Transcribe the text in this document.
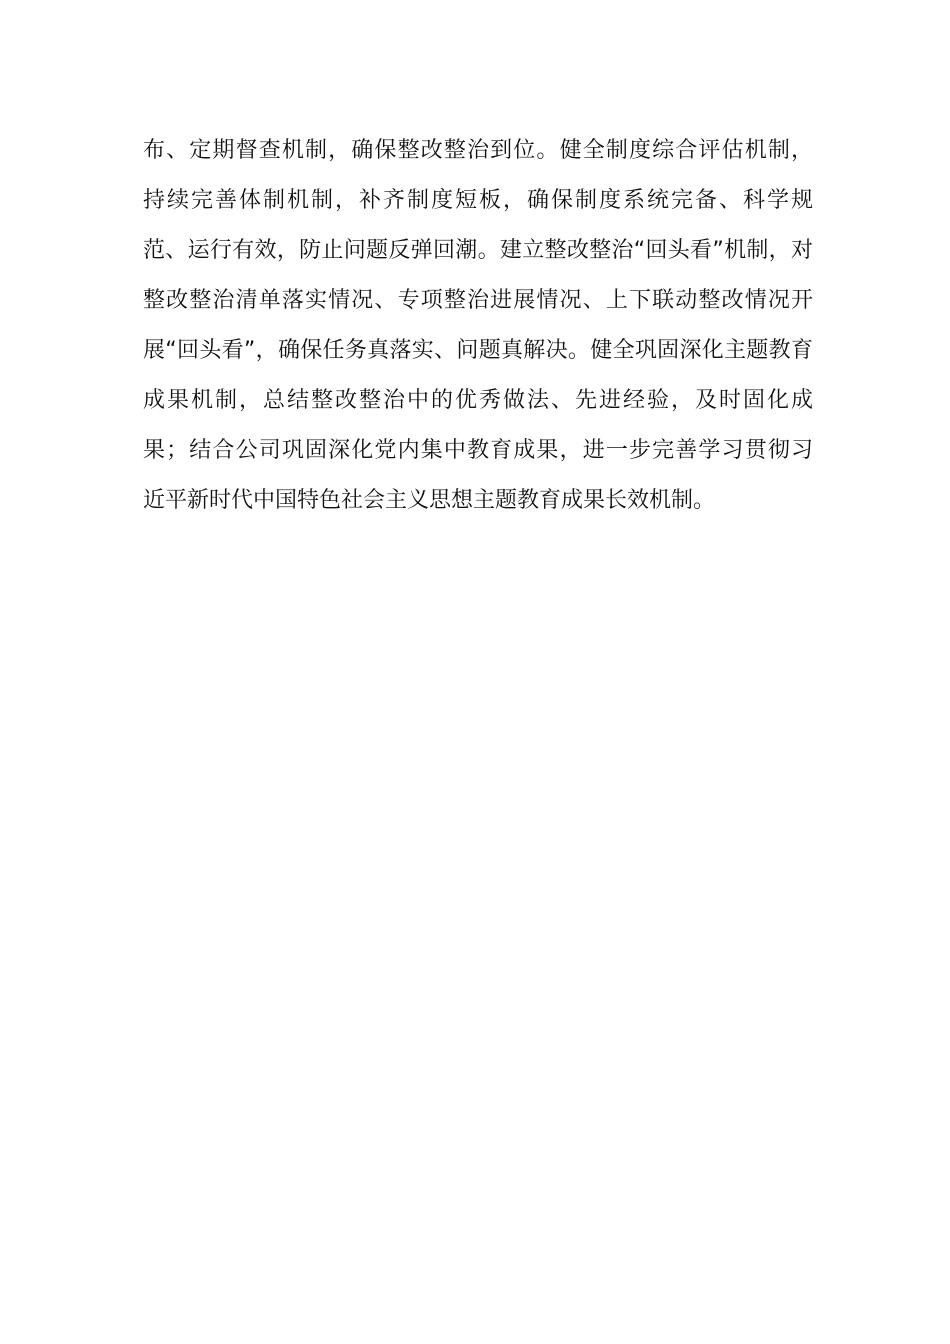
布、定期督查机制，确保整改整治到位。健全制度综合评估机制，
持续完善体制机制，补齐制度短板，确保制度系统完备、科学规
范、运行有效，防止问题反弹回潮。建立整改整治“回头看”机制，对
整改整治清单落实情况、专项整治进展情况、上下联动整改情况开
展“回头看”，确保任务真落实、问题真解决。健全巩固深化主题教育
成果机制，总结整改整治中的优秀做法、先进经验，及时固化成
果；结合公司巩固深化党内集中教育成果，进一步完善学习贯彻习
近平新时代中国特色社会主义思想主题教育成果长效机制。
